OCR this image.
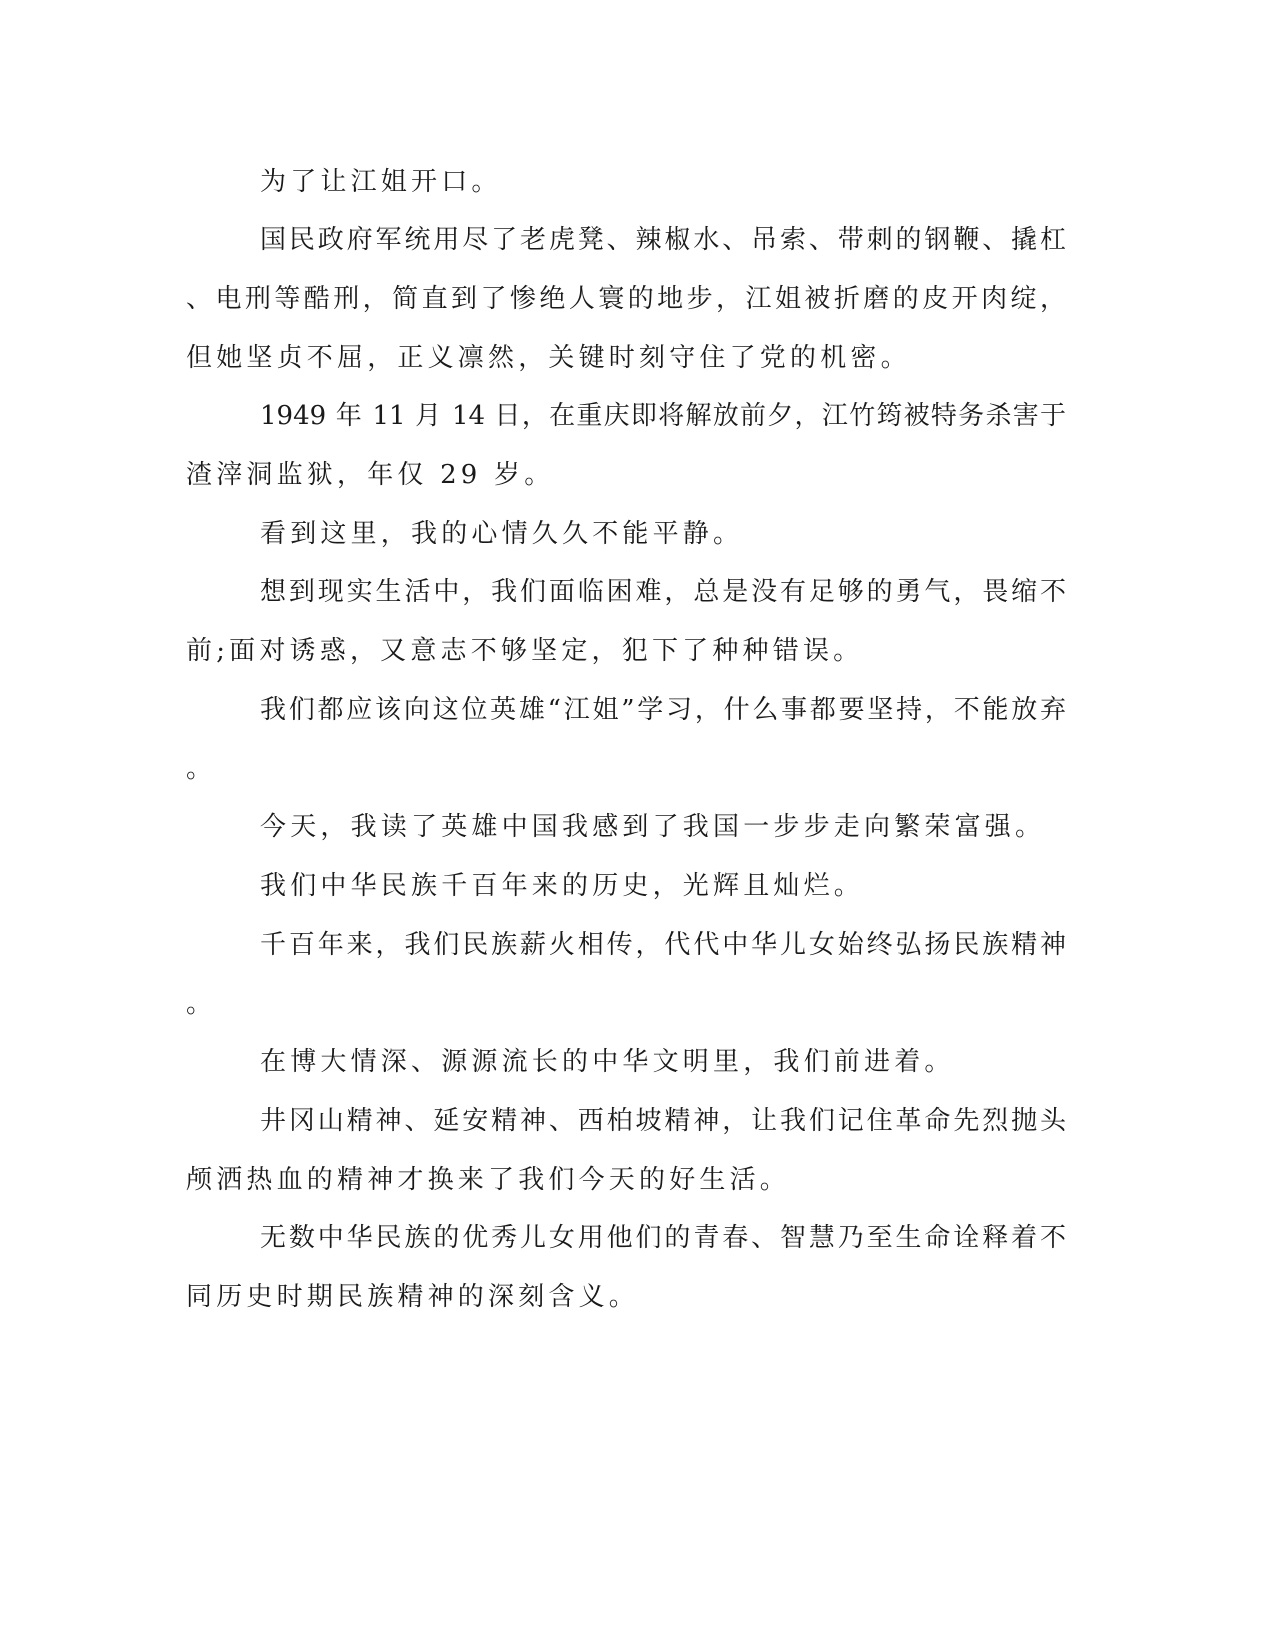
为了让江姐开口。

国民政府军统用尽了老虎凳、辣椒水、吊索、带刺的钢鞭、撬杠

、电刑等酷刑，简直到了惨绝人寰的地步，江姐被折磨的皮开肉绽，

但她坚贞不屈，正义凛然，关键时刻守住了党的机密。

1949 年 11 月 14 日，在重庆即将解放前夕，江竹筠被特务杀害于

渣滓洞监狱，年仅 29 岁。

看到这里，我的心情久久不能平静。

想到现实生活中，我们面临困难，总是没有足够的勇气，畏缩不

前;面对诱惑，又意志不够坚定，犯下了种种错误。

我们都应该向这位英雄“江姐”学习，什么事都要坚持，不能放弃

。

今天，我读了英雄中国我感到了我国一步步走向繁荣富强。

我们中华民族千百年来的历史，光辉且灿烂。

千百年来，我们民族薪火相传，代代中华儿女始终弘扬民族精神

。

在博大情深、源源流长的中华文明里，我们前进着。

井冈山精神、延安精神、西柏坡精神，让我们记住革命先烈抛头

颅洒热血的精神才换来了我们今天的好生活。

无数中华民族的优秀儿女用他们的青春、智慧乃至生命诠释着不

同历史时期民族精神的深刻含义。
